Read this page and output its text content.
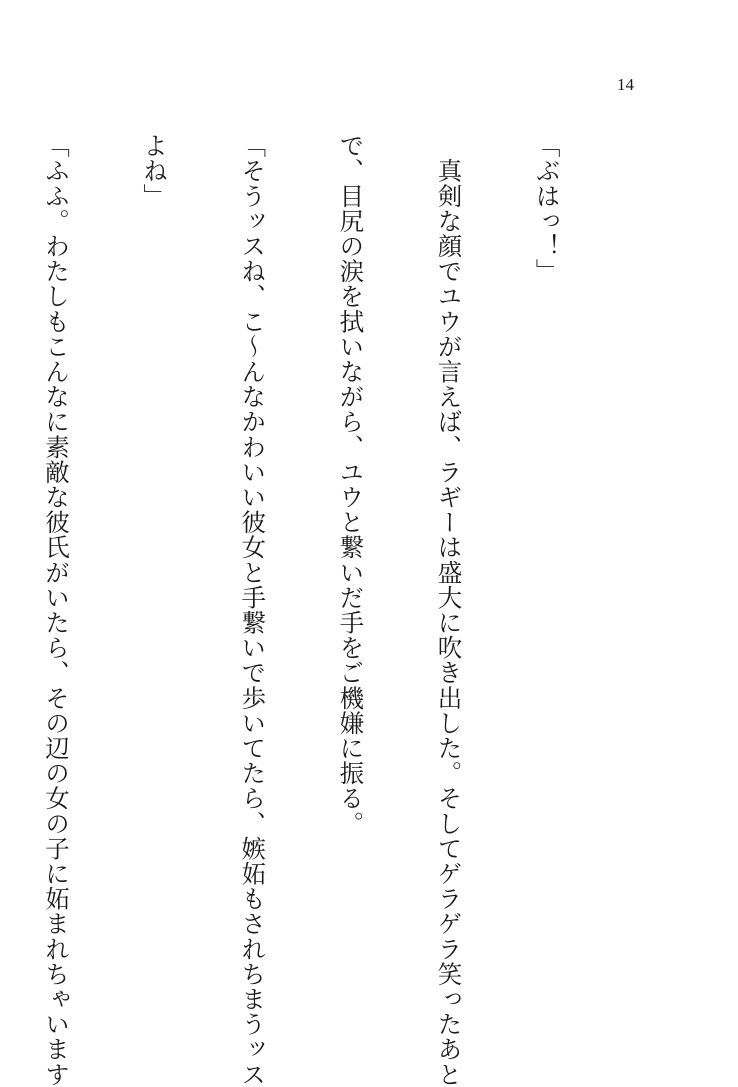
14

「ぶはっ！」

　真剣な顔でユウが言えば、ラギーは盛大に吹き出した。そしてゲラゲラ笑ったあと

で、目尻の涙を拭いながら、ユウと繋いだ手をご機嫌に振る。

「そうッスね、こ〜んなかわいい彼女と手繋いで歩いてたら、嫉妬もされちまうッス

よね」

「ふふ。わたしもこんなに素敵な彼氏がいたら、その辺の女の子に妬まれちゃいます
